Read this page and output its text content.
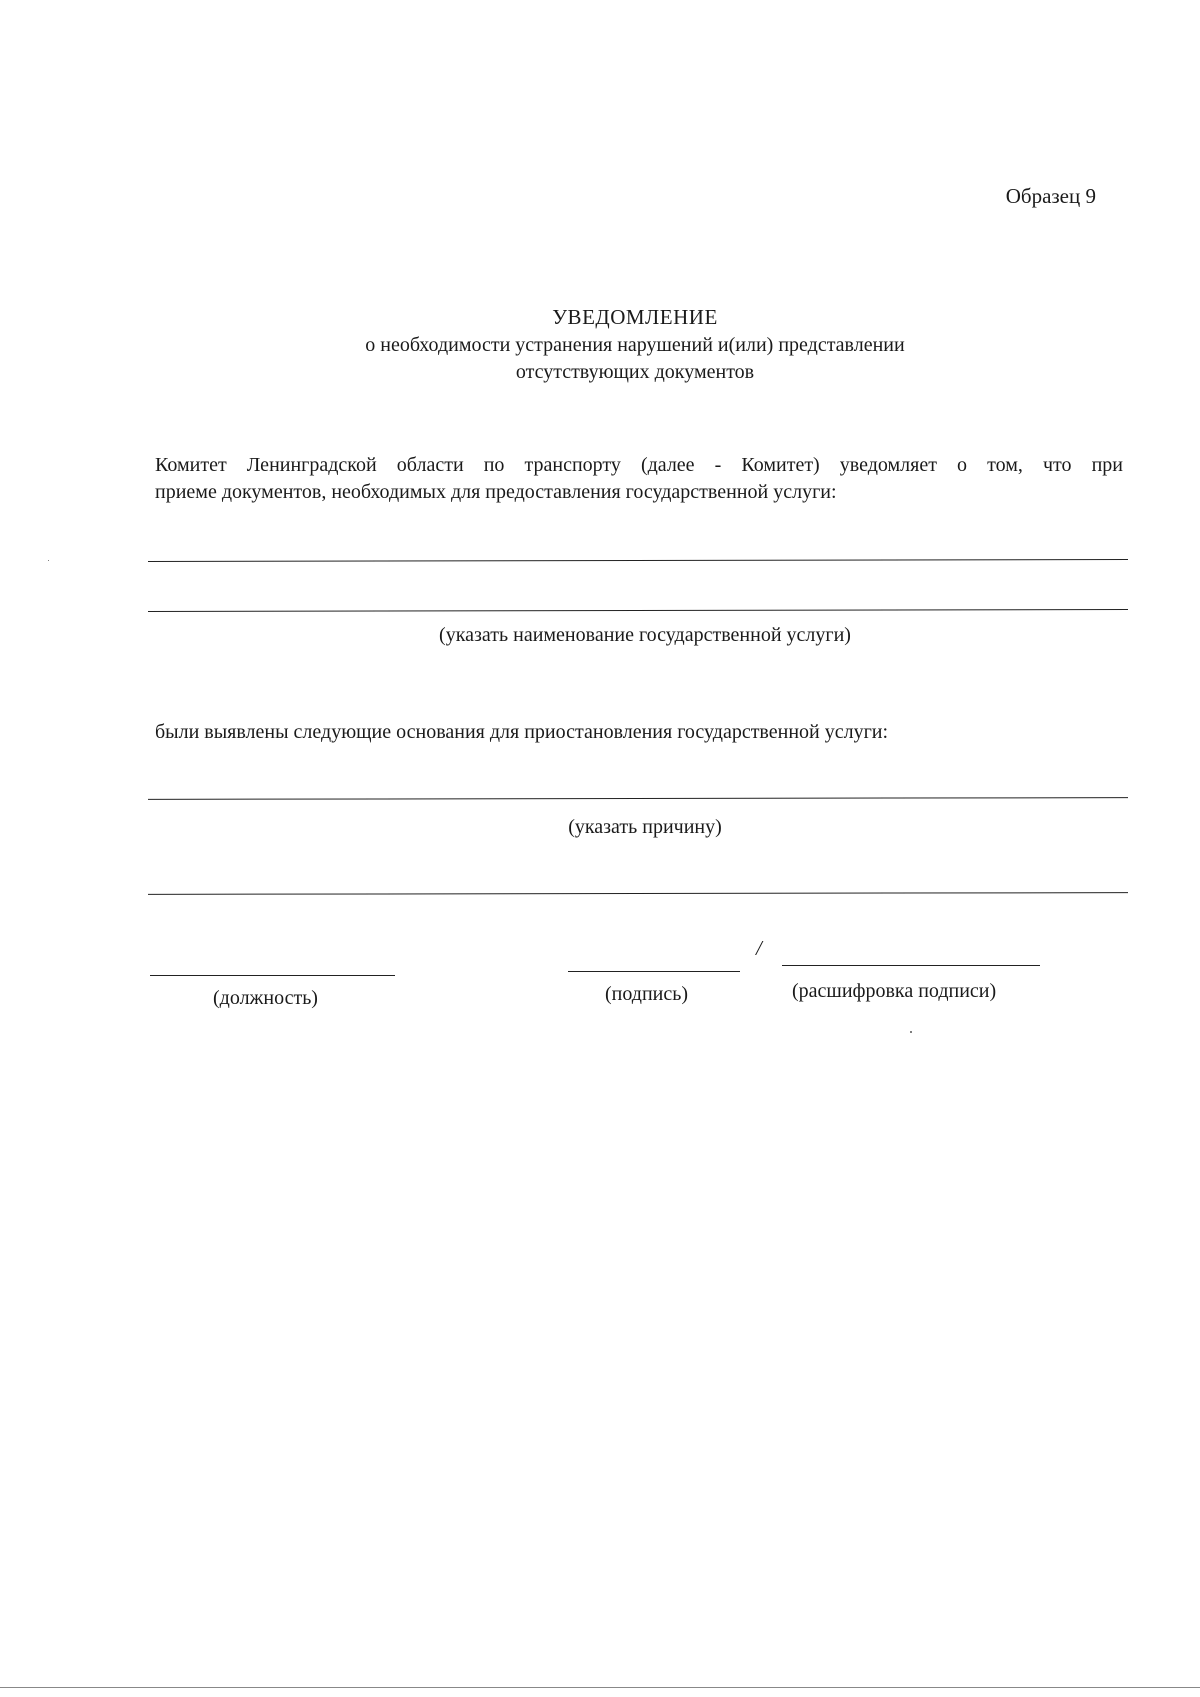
Образец 9
УВЕДОМЛЕНИЕ
о необходимости устранения нарушений и(или) представлении
отсутствующих документов
Комитет Ленинградской области по транспорту (далее - Комитет) уведомляет о том, что при
приеме документов, необходимых для предоставления государственной услуги:
(указать наименование государственной услуги)
были выявлены следующие основания для приостановления государственной услуги:
(указать причину)
/
(должность)	(подпись)	(расшифровка подписи)
